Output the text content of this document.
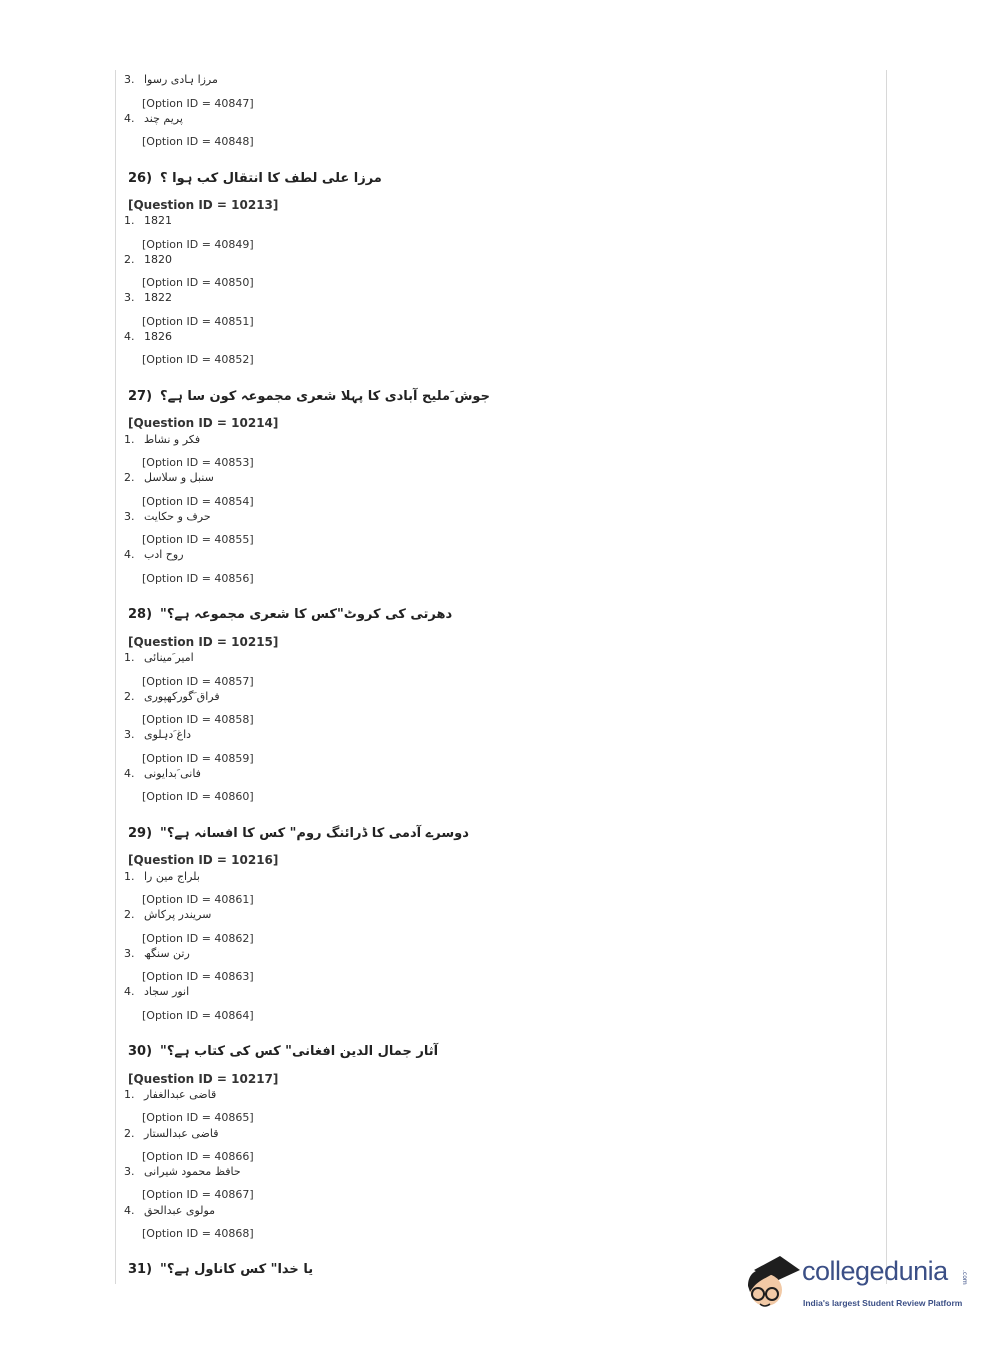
3. مرزا ہادی رسوا
[Option ID = 40847]
4. پریم چند
[Option ID = 40848]
26) مرزا علی لطف کا انتقال کب ہوا ؟
[Question ID = 10213]
1. 1821
[Option ID = 40849]
2. 1820
[Option ID = 40850]
3. 1822
[Option ID = 40851]
4. 1826
[Option ID = 40852]
27) جوش َملیح آبادی کا پہلا شعری مجموعہ کون سا ہے؟
[Question ID = 10214]
1. فکر و نشاط
[Option ID = 40853]
2. سنبل و سلاسل
[Option ID = 40854]
3. حرف و حکایت
[Option ID = 40855]
4. روح ادب
[Option ID = 40856]
28) "دھرتی کی کروٹ"کس کا شعری مجموعہ ہے؟
[Question ID = 10215]
1. امیر َمینائی
[Option ID = 40857]
2. فراق َگورکھپوری
[Option ID = 40858]
3. داغ َدہلوی
[Option ID = 40859]
4. فانی َبدایونی
[Option ID = 40860]
29) "دوسرے آدمی کا ڈرائنگ روم" کس کا افسانہ ہے؟
[Question ID = 10216]
1. بلراج مین را
[Option ID = 40861]
2. سریندر پرکاش
[Option ID = 40862]
3. رتن سنگھ
[Option ID = 40863]
4. انور سجاد
[Option ID = 40864]
30) "آثار جمال الدین افغانی" کس کی کتاب ہے؟
[Question ID = 10217]
1. قاضی عبدالغفار
[Option ID = 40865]
2. قاضی عبدالستار
[Option ID = 40866]
3. حافظ محمود شیرانی
[Option ID = 40867]
4. مولوی عبدالحق
[Option ID = 40868]
31) "یا خدا" کس کاناول ہے؟	collegedunia .com
India's largest Student Review Platform
